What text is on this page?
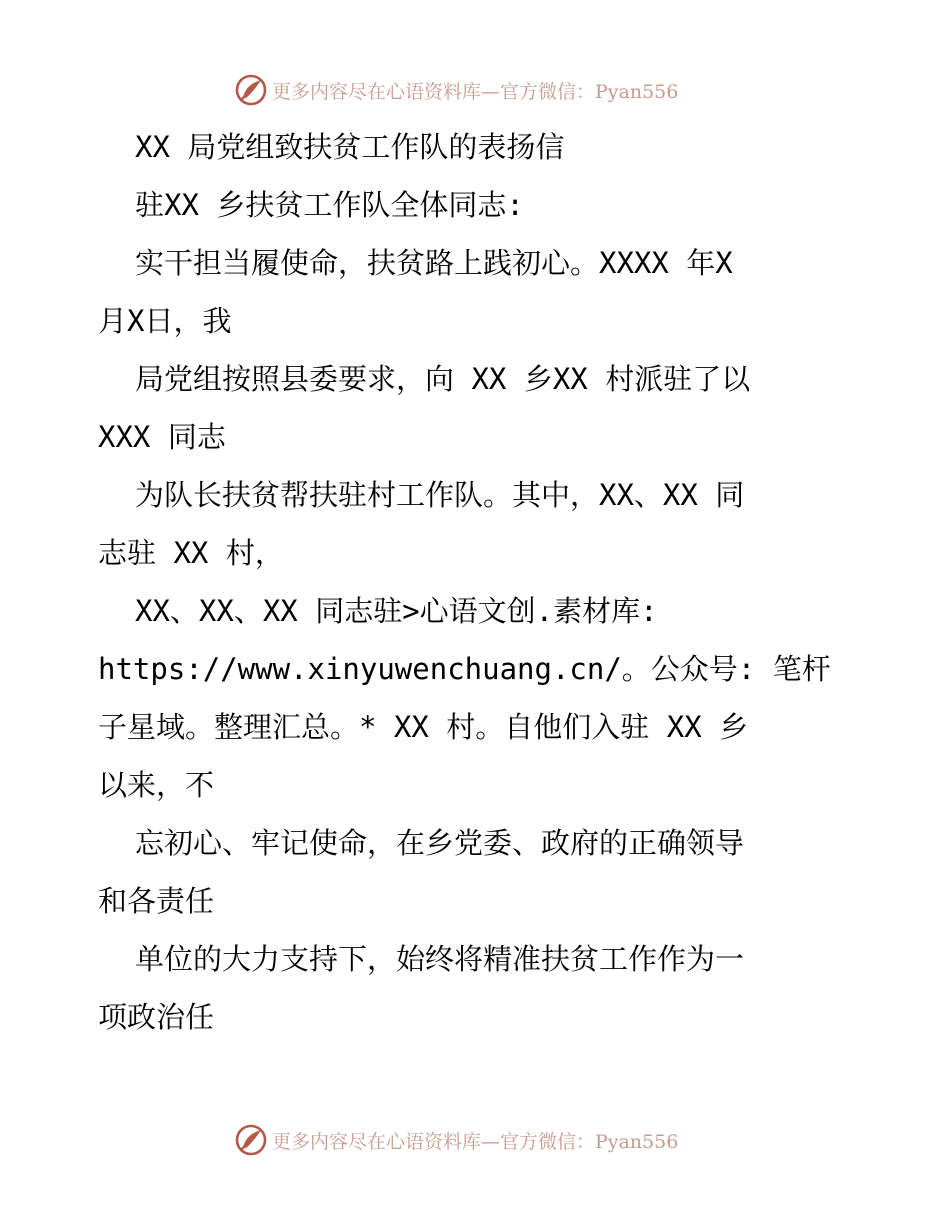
更多内容尽在心语资料库—官方微信：Pyan556
XX 局党组致扶贫工作队的表扬信
驻XX 乡扶贫工作队全体同志:
实干担当履使命，扶贫路上践初心。XXXX 年X
月X日，我
局党组按照县委要求，向 XX 乡XX 村派驻了以
XXX 同志
为队长扶贫帮扶驻村工作队。其中，XX、XX 同
志驻 XX 村，
XX、XX、XX 同志驻>心语文创.素材库:
https://www.xinyuwenchuang.cn/。公众号: 笔杆
子星域。整理汇总。* XX 村。自他们入驻 XX 乡
以来，不
忘初心、牢记使命，在乡党委、政府的正确领导
和各责任
单位的大力支持下，始终将精准扶贫工作作为一
项政治任
更多内容尽在心语资料库—官方微信：Pyan556
